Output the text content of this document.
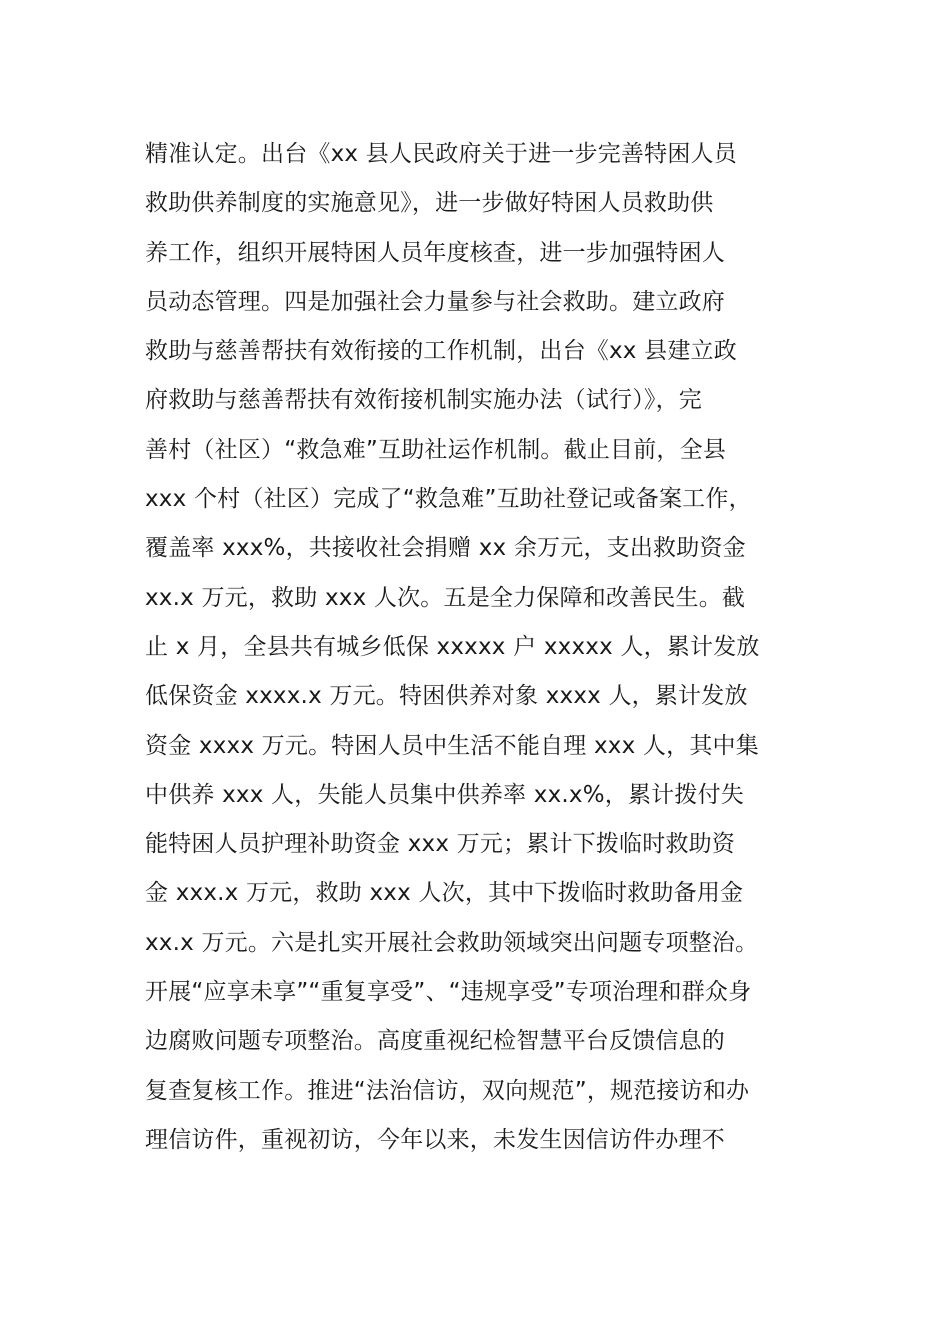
精准认定。出台《xx 县人民政府关于进一步完善特困人员
救助供养制度的实施意见》，进一步做好特困人员救助供
养工作，组织开展特困人员年度核查，进一步加强特困人
员动态管理。四是加强社会力量参与社会救助。建立政府
救助与慈善帮扶有效衔接的工作机制，出台《xx 县建立政
府救助与慈善帮扶有效衔接机制实施办法（试行）》，完
善村（社区）“救急难”互助社运作机制。截止目前，全县
xxx 个村（社区）完成了“救急难”互助社登记或备案工作，
覆盖率 xxx%，共接收社会捐赠 xx 余万元，支出救助资金
xx.x 万元，救助 xxx 人次。五是全力保障和改善民生。截
止 x 月，全县共有城乡低保 xxxxx 户 xxxxx 人，累计发放
低保资金 xxxx.x 万元。特困供养对象 xxxx 人，累计发放
资金 xxxx 万元。特困人员中生活不能自理 xxx 人，其中集
中供养 xxx 人，失能人员集中供养率 xx.x%，累计拨付失
能特困人员护理补助资金 xxx 万元；累计下拨临时救助资
金 xxx.x 万元，救助 xxx 人次，其中下拨临时救助备用金
xx.x 万元。六是扎实开展社会救助领域突出问题专项整治。
开展“应享未享”“重复享受”、“违规享受”专项治理和群众身
边腐败问题专项整治。高度重视纪检智慧平台反馈信息的
复查复核工作。推进“法治信访，双向规范”，规范接访和办
理信访件，重视初访，今年以来，未发生因信访件办理不
